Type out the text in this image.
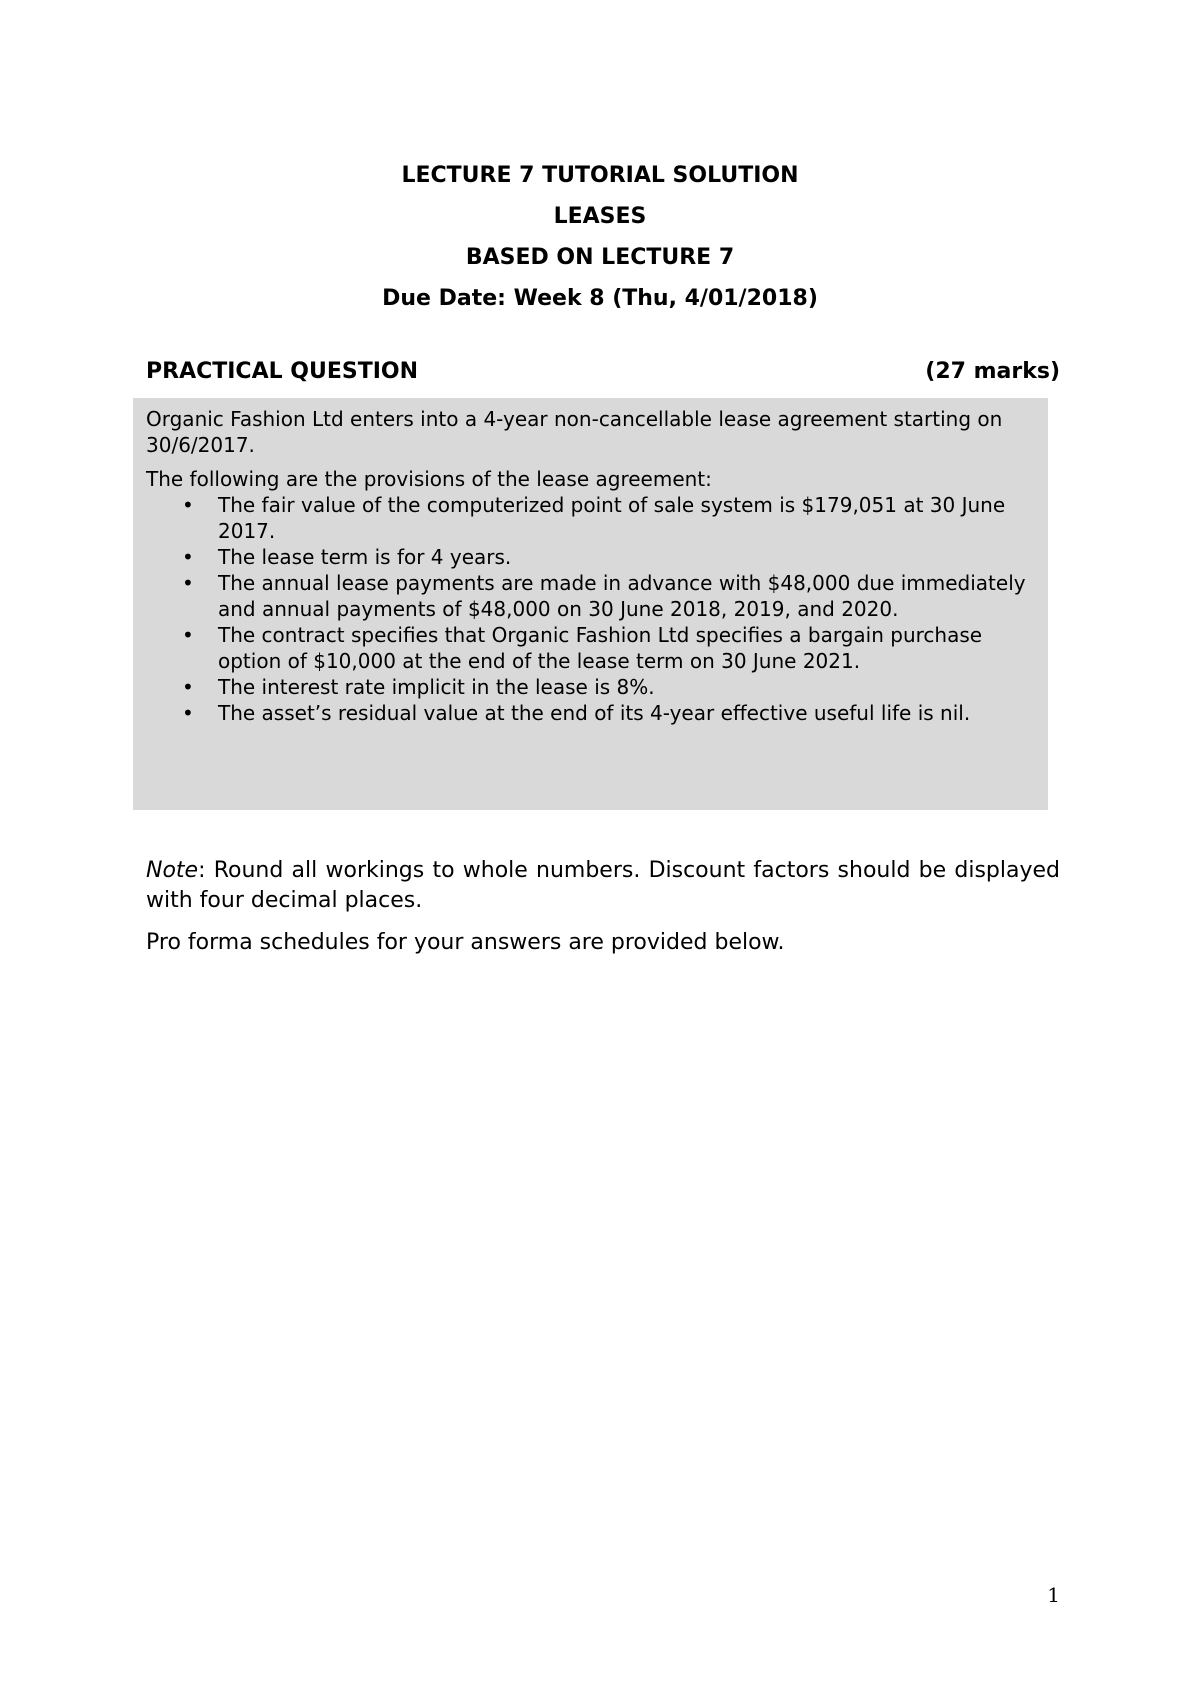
LECTURE 7 TUTORIAL SOLUTION

LEASES

BASED ON LECTURE 7

Due Date: Week 8 (Thu, 4/01/2018)

PRACTICAL QUESTION	(27 marks)

Organic Fashion Ltd enters into a 4-year non-cancellable lease agreement starting on 30/6/2017.

The following are the provisions of the lease agreement:

• The fair value of the computerized point of sale system is $179,051 at 30 June 2017.
• The lease term is for 4 years.
• The annual lease payments are made in advance with $48,000 due immediately and annual payments of $48,000 on 30 June 2018, 2019, and 2020.
• The contract specifies that Organic Fashion Ltd specifies a bargain purchase option of $10,000 at the end of the lease term on 30 June 2021.
• The interest rate implicit in the lease is 8%.
• The asset’s residual value at the end of its 4-year effective useful life is nil.

Note: Round all workings to whole numbers. Discount factors should be displayed with four decimal places.

Pro forma schedules for your answers are provided below.

1
